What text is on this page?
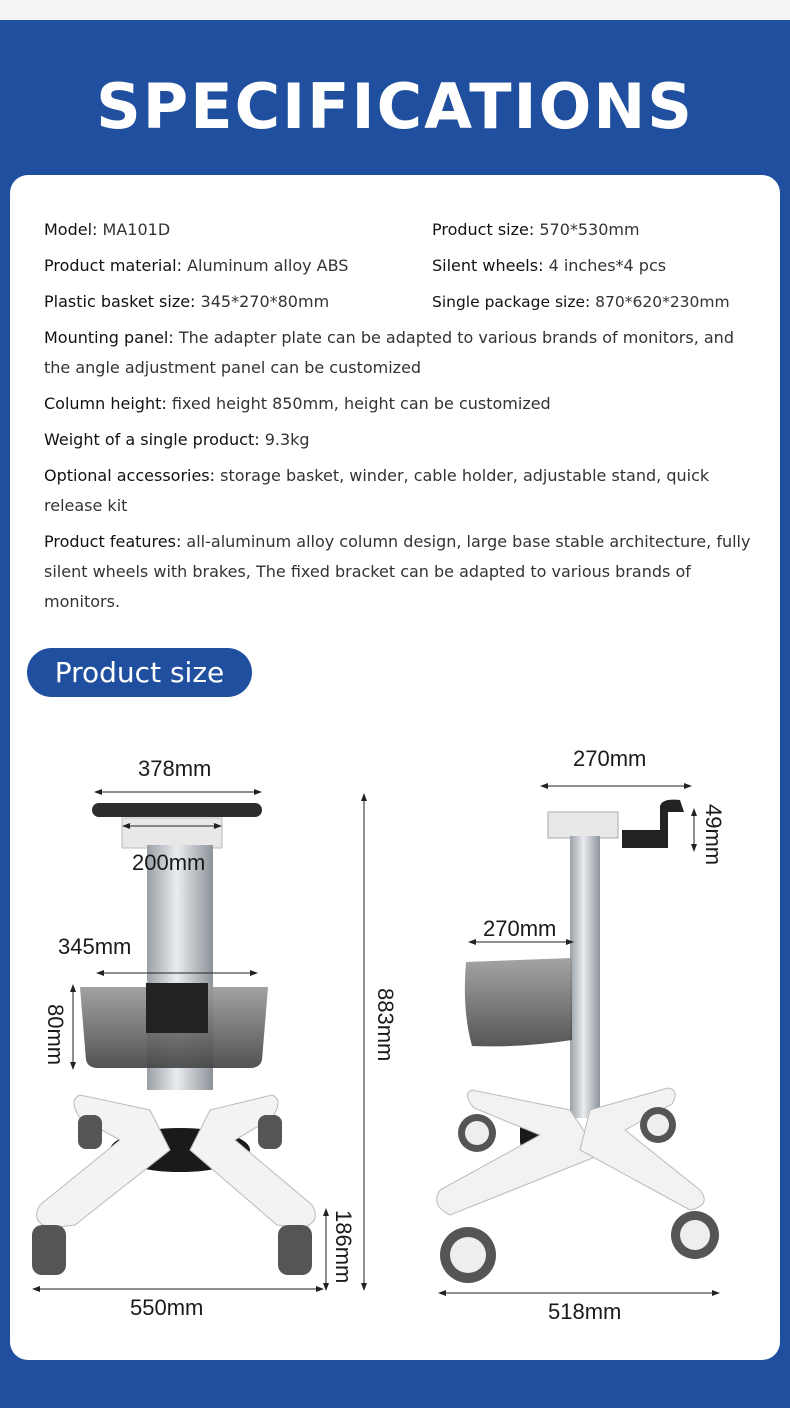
SPECIFICATIONS
Model: MA101D	Product size: 570*530mm
Product material: Aluminum alloy ABS	Silent wheels: 4 inches*4 pcs
Plastic basket size: 345*270*80mm	Single package size: 870*620*230mm
Mounting panel: The adapter plate can be adapted to various brands of monitors, and the angle adjustment panel can be customized
Column height: fixed height 850mm, height can be customized
Weight of a single product: 9.3kg
Optional accessories: storage basket, winder, cable holder, adjustable stand, quick release kit
Product features: all-aluminum alloy column design, large base stable architecture, fully silent wheels with brakes, The fixed bracket can be adapted to various brands of monitors.
Product size
378mm
200mm
345mm
80mm	883mm
186mm
550mm
270mm
49mm
270mm
518mm
